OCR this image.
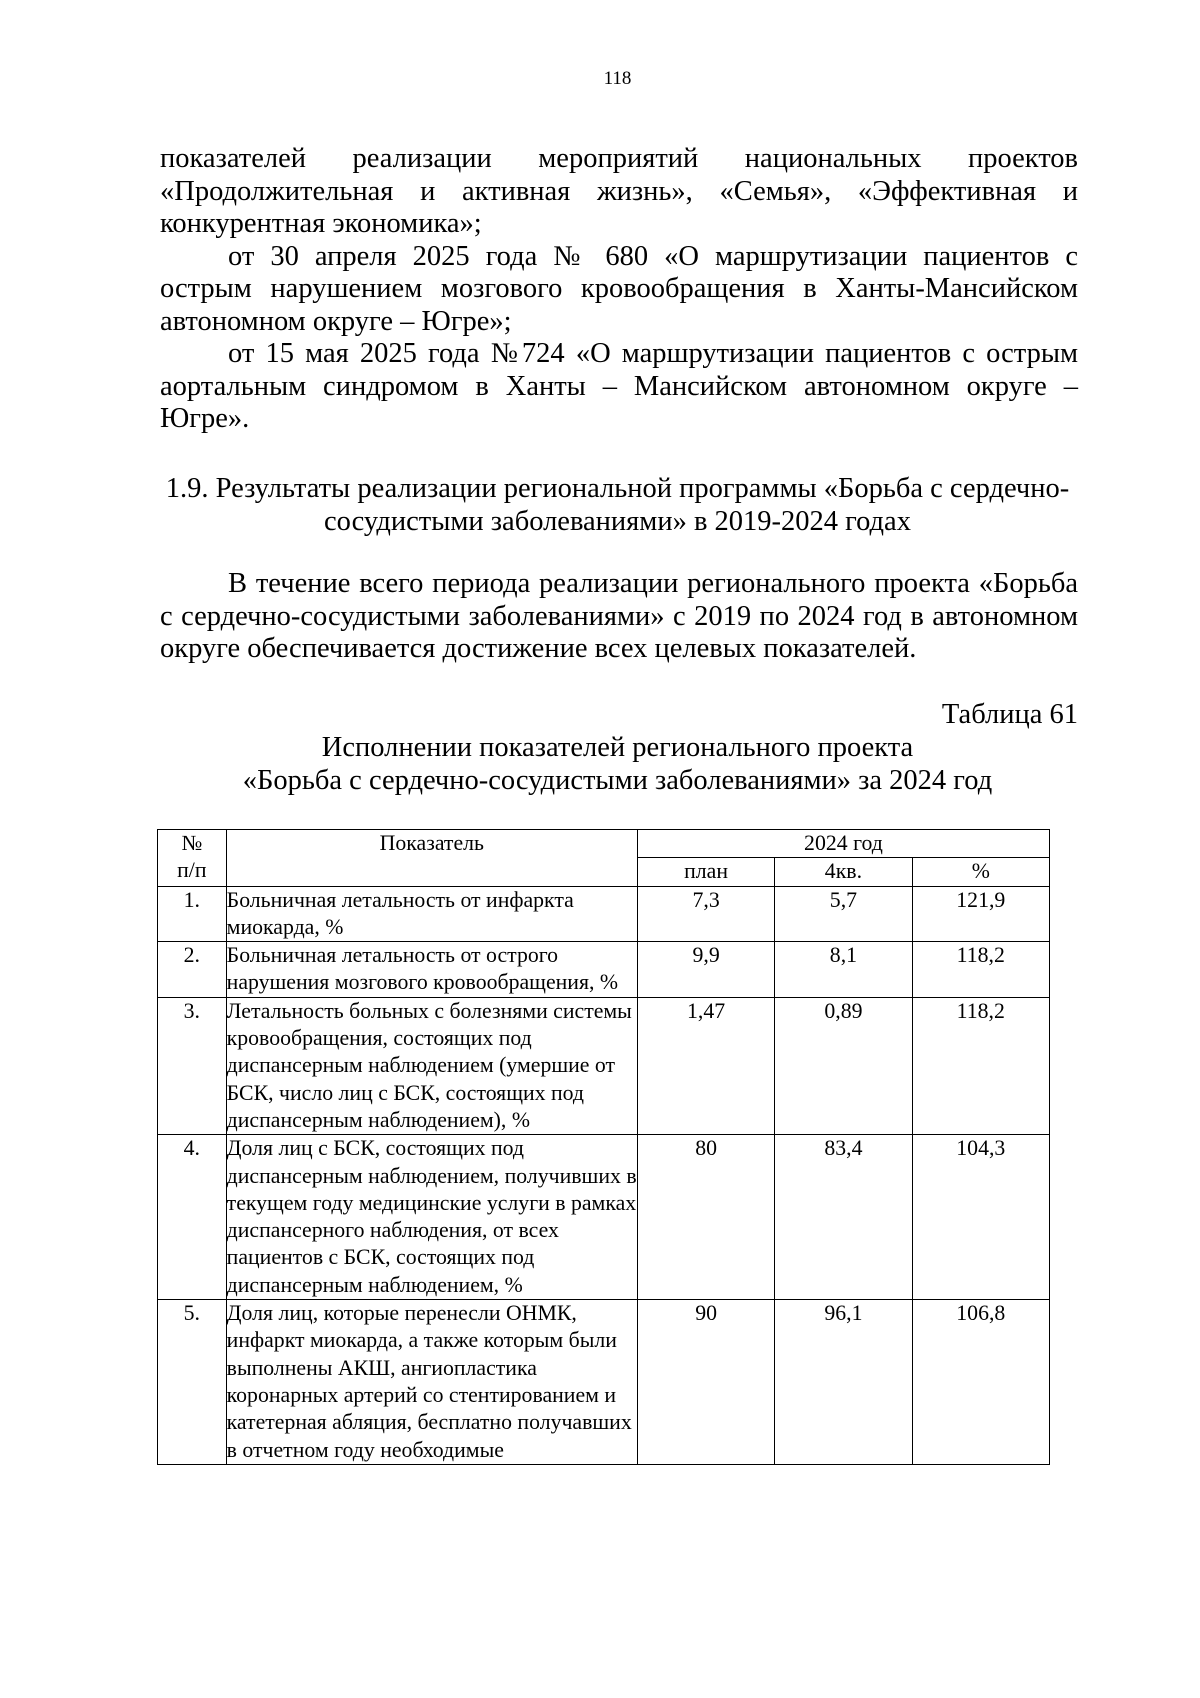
118

показателей реализации мероприятий национальных проектов «Продолжительная и активная жизнь», «Семья», «Эффективная и конкурентная экономика»;

от 30 апреля 2025 года № 680 «О маршрутизации пациентов с острым нарушением мозгового кровообращения в Ханты-Мансийском автономном округе – Югре»;

от 15 мая 2025 года №724 «О маршрутизации пациентов с острым аортальным синдромом в Ханты – Мансийском автономном округе – Югре».

1.9. Результаты реализации региональной программы «Борьба с сердечно-
сосудистыми заболеваниями» в 2019-2024 годах

В течение всего периода реализации регионального проекта «Борьба с сердечно-сосудистыми заболеваниями» с 2019 по 2024 год в автономном округе обеспечивается достижение всех целевых показателей.

Таблица 61
Исполнении показателей регионального проекта
«Борьба с сердечно-сосудистыми заболеваниями» за 2024 год
№
п/п	Показатель	2024 год		
		план	4кв.	%
1.	Больничная летальность от инфаркта миокарда, %	7,3	5,7	121,9
2.	Больничная летальность от острого нарушения мозгового кровообращения, %	9,9	8,1	118,2
3.	Летальность больных с болезнями системы кровообращения, состоящих под диспансерным наблюдением (умершие от БСК, число лиц с БСК, состоящих под диспансерным наблюдением), %	1,47	0,89	118,2
4.	Доля лиц с БСК, состоящих под диспансерным наблюдением, получивших в текущем году медицинские услуги в рамках диспансерного наблюдения, от всех пациентов с БСК, состоящих под диспансерным наблюдением, %	80	83,4	104,3
5.	Доля лиц, которые перенесли ОНМК, инфаркт миокарда, а также которым были выполнены АКШ, ангиопластика коронарных артерий со стентированием и катетерная абляция, бесплатно получавших в отчетном году необходимые	90	96,1	106,8
